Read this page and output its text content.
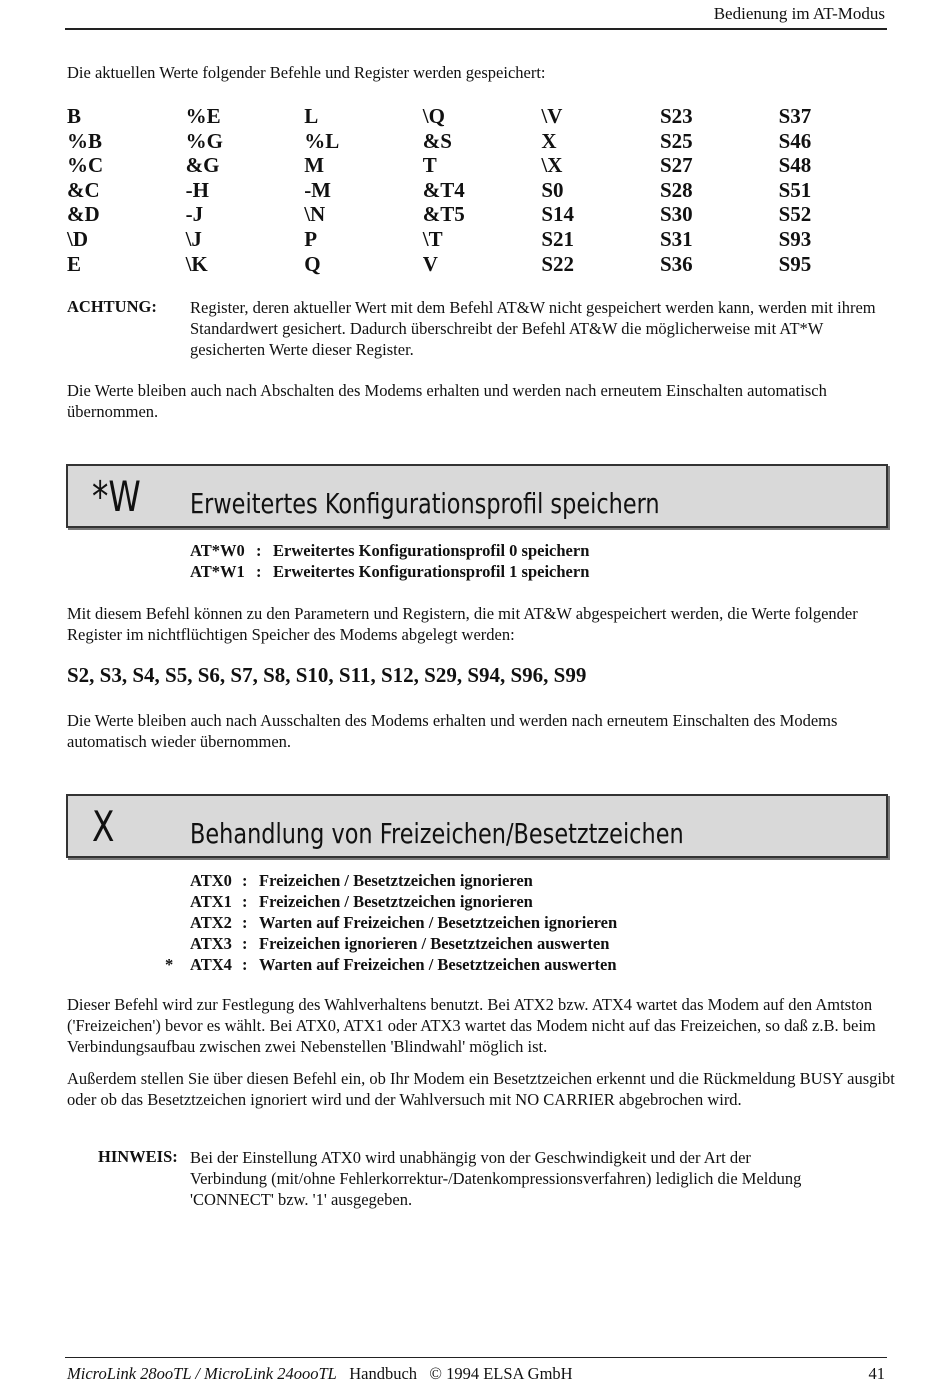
Bedienung im AT-Modus
Die aktuellen Werte folgender Befehle und Register werden gespeichert:
B	%E	L	\Q	\V	S23	S37
%B	%G	%L	&S	X	S25	S46
%C	&G	M	T	\X	S27	S48
&C	-H	-M	&T4	S0	S28	S51
&D	-J	\N	&T5	S14	S30	S52
\D	\J	P	\T	S21	S31	S93
E	\K	Q	V	S22	S36	S95
ACHTUNG: Register, deren aktueller Wert mit dem Befehl AT&W nicht gespeichert werden kann, werden mit ihrem Standardwert gesichert. Dadurch überschreibt der Befehl AT&W die möglicherweise mit AT*W gesicherten Werte dieser Register.
Die Werte bleiben auch nach Abschalten des Modems erhalten und werden nach erneutem Einschalten automatisch übernommen.
*W Erweitertes Konfigurationsprofil speichern
AT*W0 : Erweitertes Konfigurationsprofil 0 speichern
AT*W1 : Erweitertes Konfigurationsprofil 1 speichern
Mit diesem Befehl können zu den Parametern und Registern, die mit AT&W abgespeichert werden, die Werte folgender Register im nichtflüchtigen Speicher des Modems abgelegt werden:
S2, S3, S4, S5, S6, S7, S8, S10, S11, S12, S29, S94, S96, S99
Die Werte bleiben auch nach Ausschalten des Modems erhalten und werden nach erneutem Einschalten des Modems automatisch wieder übernommen.
X	Behandlung von Freizeichen/Besetztzeichen
ATX0 : Freizeichen / Besetztzeichen ignorieren
ATX1 : Freizeichen / Besetztzeichen ignorieren
ATX2 : Warten auf Freizeichen / Besetztzeichen ignorieren
ATX3 : Freizeichen ignorieren / Besetztzeichen auswerten
* ATX4 : Warten auf Freizeichen / Besetztzeichen auswerten
Dieser Befehl wird zur Festlegung des Wahlverhaltens benutzt. Bei ATX2 bzw. ATX4 wartet das Modem auf den Amtston ('Freizeichen') bevor es wählt. Bei ATX0, ATX1 oder ATX3 wartet das Modem nicht auf das Freizeichen, so daß z.B. beim Verbindungsaufbau zwischen zwei Nebenstellen 'Blindwahl' möglich ist.
Außerdem stellen Sie über diesen Befehl ein, ob Ihr Modem ein Besetztzeichen erkennt und die Rückmeldung BUSY ausgibt oder ob das Besetztzeichen ignoriert wird und der Wahlversuch mit NO CARRIER abgebrochen wird.
HINWEIS: Bei der Einstellung ATX0 wird unabhängig von der Geschwindigkeit und der Art der Verbindung (mit/ohne Fehlerkorrektur-/Datenkompressionsverfahren) lediglich die Meldung 'CONNECT' bzw. '1' ausgegeben.
MicroLink 28ooTL / MicroLink 24oooTL Handbuch © 1994 ELSA GmbH	41
